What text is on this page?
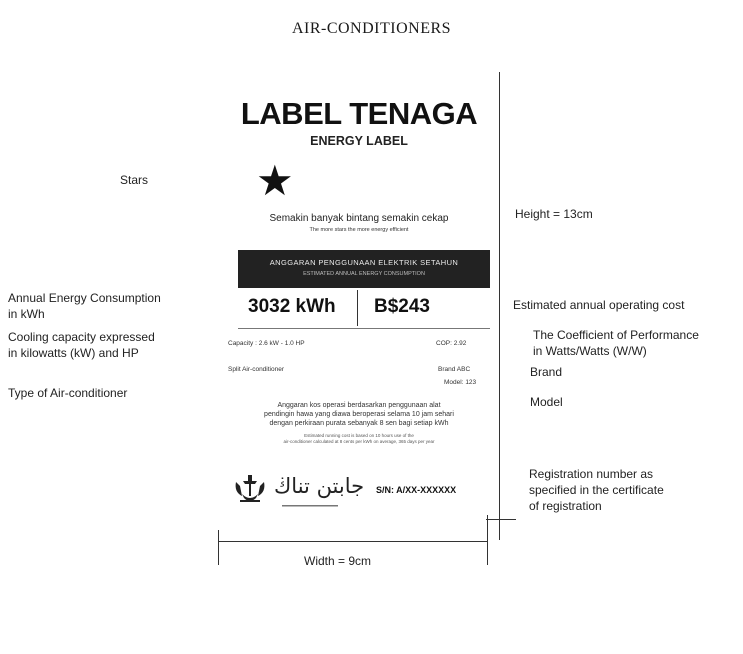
AIR-CONDITIONERS
Stars
Annual Energy Consumption
in kWh
Cooling capacity expressed
in kilowatts (kW) and HP
Type of Air-conditioner
Height = 13cm
Estimated annual operating cost
The Coefficient of Performance
in Watts/Watts (W/W)
Brand
Model
Registration number as
specified in the certificate
of registration
Width = 9cm
LABEL TENAGA
ENERGY LABEL
★
Semakin banyak bintang semakin cekap
The more stars the more energy efficient
ANGGARAN PENGGUNAAN ELEKTRIK SETAHUN
ESTIMATED ANNUAL ENERGY CONSUMPTION
3032 kWh B$243
Capacity : 2.6 kW - 1.0 HP	COP: 2.92
Split Air-conditioner	Brand ABC
Model: 123
Anggaran kos operasi berdasarkan penggunaan alat
pendingin hawa yang diawa beroperasi selama 10 jam sehari
dengan perkiraan purata sebanyak 8 sen bagi setiap kWh
Estimated running cost is based on 10 hours use of the
air-conditioner calculated at 8 cents per kWh on average, 365 days per year
جابتن تناڬ S/N: A/XX-XXXXXX
